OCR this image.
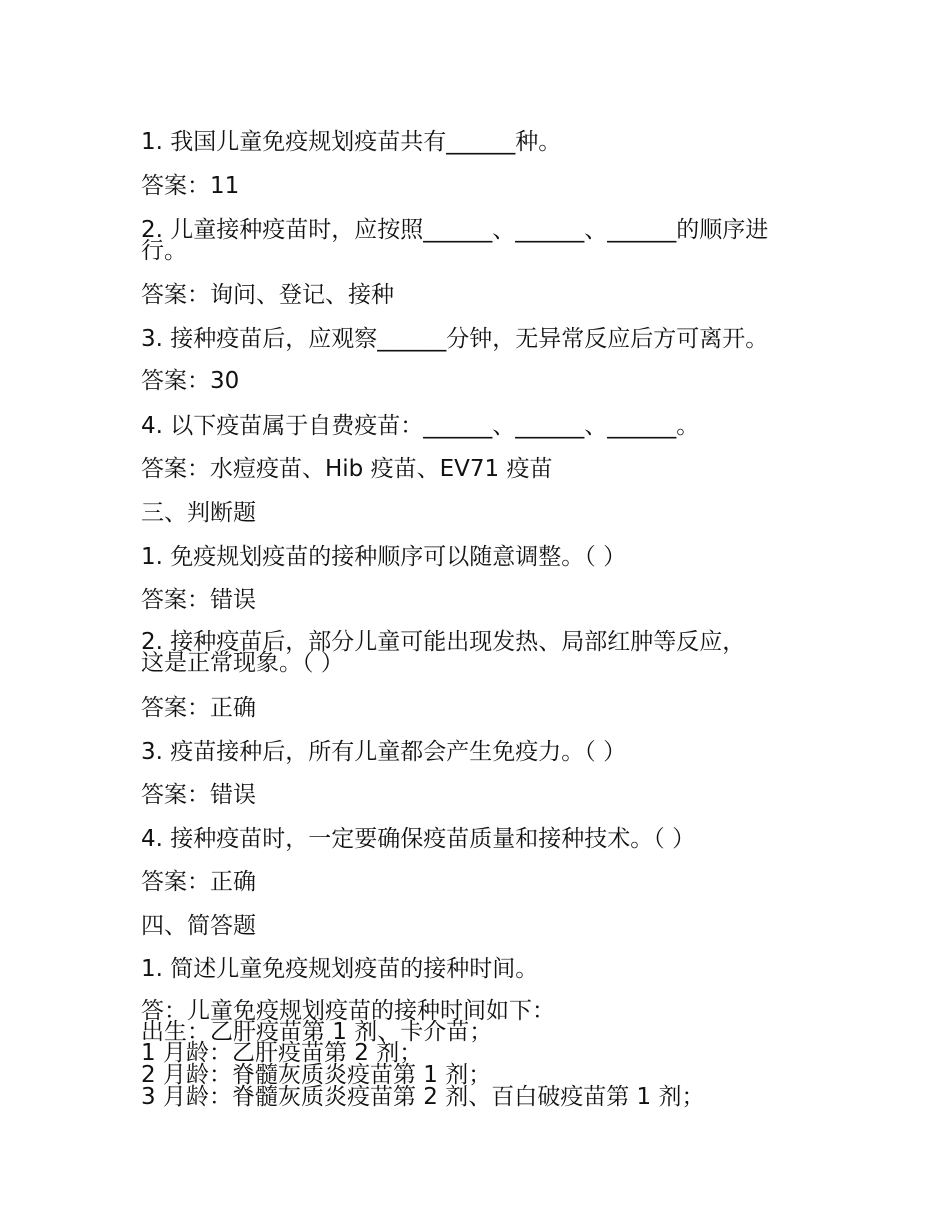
1. 我国儿童免疫规划疫苗共有______种。
答案：11
2. 儿童接种疫苗时，应按照______、______、______的顺序进
行。
答案：询问、登记、接种
3. 接种疫苗后，应观察______分钟，无异常反应后方可离开。
答案：30
4. 以下疫苗属于自费疫苗：______、______、______。
答案：水痘疫苗、Hib 疫苗、EV71 疫苗
三、判断题
1. 免疫规划疫苗的接种顺序可以随意调整。（ ）
答案：错误
2. 接种疫苗后，部分儿童可能出现发热、局部红肿等反应，
这是正常现象。（ ）
答案：正确
3. 疫苗接种后，所有儿童都会产生免疫力。（ ）
答案：错误
4. 接种疫苗时，一定要确保疫苗质量和接种技术。（ ）
答案：正确
四、简答题
1. 简述儿童免疫规划疫苗的接种时间。
答：儿童免疫规划疫苗的接种时间如下：
出生：乙肝疫苗第 1 剂、卡介苗；
1 月龄：乙肝疫苗第 2 剂；
2 月龄：脊髓灰质炎疫苗第 1 剂；
3 月龄：脊髓灰质炎疫苗第 2 剂、百白破疫苗第 1 剂；
